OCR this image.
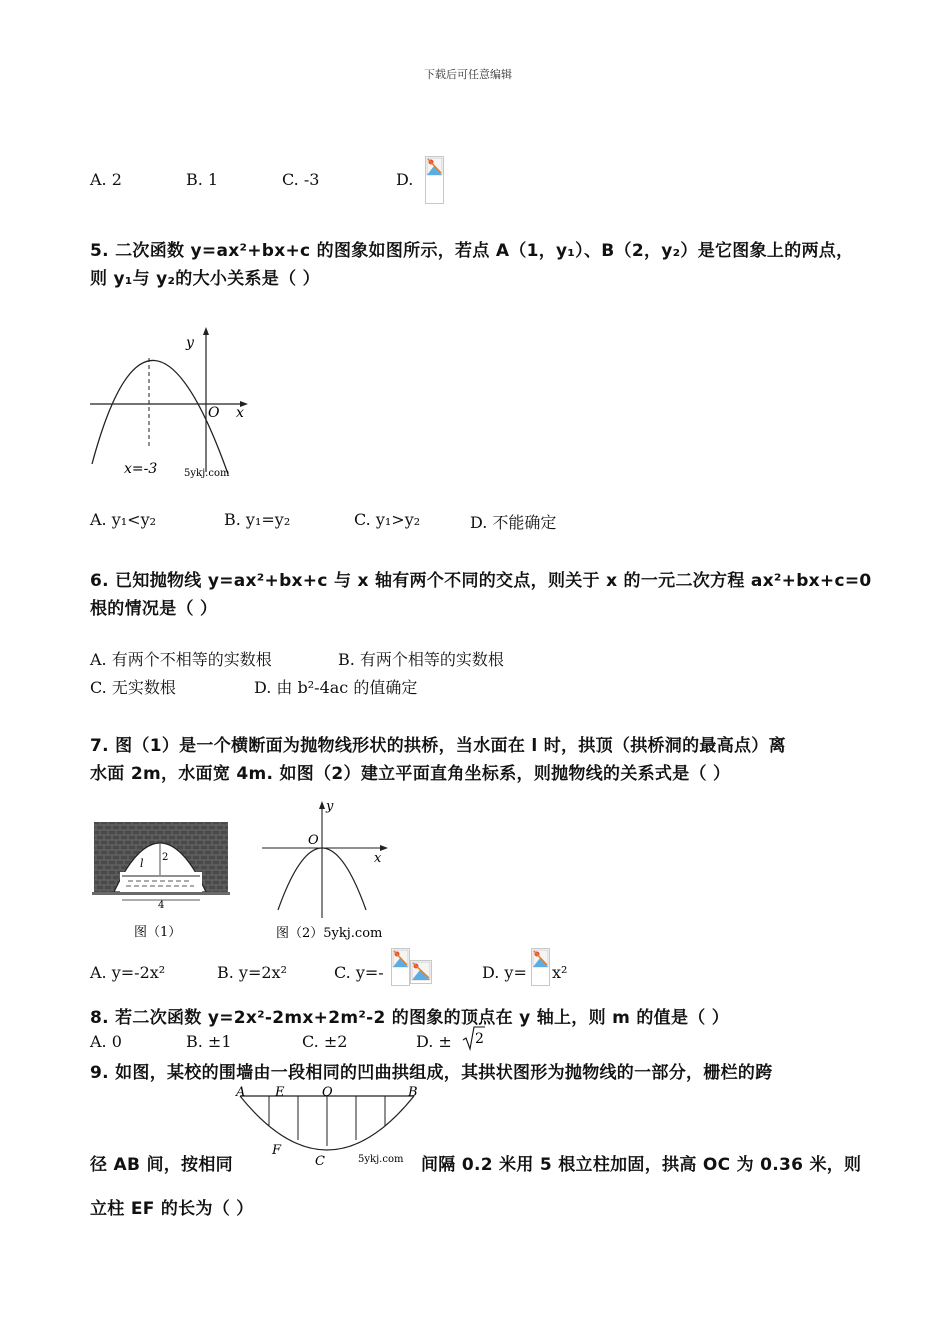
下载后可任意编辑
A. 2	B. 1	C. -3	D.
5. 二次函数 y=ax²+bx+c 的图象如图所示，若点 A（1，y₁）、B（2，y₂）是它图象上的两点，
则 y₁与 y₂的大小关系是（ ）
y
x
O
x=-3	5ykj.com
A. y₁<y₂	B. y₁=y₂	C. y₁>y₂	D. 不能确定
6. 已知抛物线 y=ax²+bx+c 与 x 轴有两个不同的交点，则关于 x 的一元二次方程 ax²+bx+c=0
根的情况是（ ）
A. 有两个不相等的实数根	B. 有两个相等的实数根
C. 无实数根	D. 由 b²-4ac 的值确定
7. 图（1）是一个横断面为抛物线形状的拱桥，当水面在 l 时，拱顶（拱桥洞的最高点）离
水面 2m，水面宽 4m. 如图（2）建立平面直角坐标系，则抛物线的关系式是（ ）
2
l
4
图（1）
y
x
O
图（2）5ykj.com
A. y=-2x²	B. y=2x²	C. y=-	D. y= x²
8. 若二次函数 y=2x²-2mx+2m²-2 的图象的顶点在 y 轴上，则 m 的值是（ ）
A. 0	B. ±1	C. ±2	D. ± 2
9. 如图，某校的围墙由一段相同的凹曲拱组成，其拱状图形为抛物线的一部分，栅栏的跨
A E	O	B
F
C	5ykj.com
径 AB 间，按相同	间隔 0.2 米用 5 根立柱加固，拱高 OC 为 0.36 米，则
立柱 EF 的长为（ ）
